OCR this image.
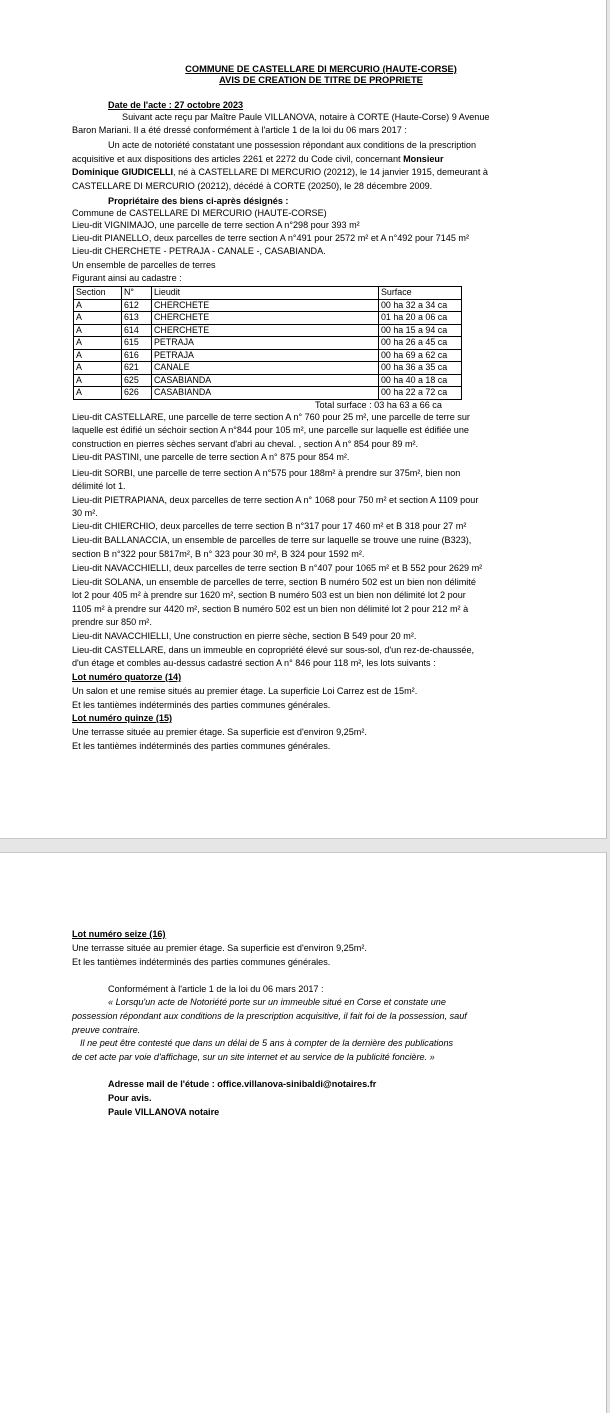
COMMUNE DE CASTELLARE DI MERCURIO (HAUTE-CORSE)
AVIS DE CREATION DE TITRE DE PROPRIETE
Date de l'acte : 27 octobre 2023
Suivant acte reçu par Maître Paule VILLANOVA, notaire à CORTE (Haute-Corse) 9 Avenue
Baron Mariani. Il a été dressé conformément à l'article 1 de la loi du 06 mars 2017 :
Un acte de notoriété constatant une possession répondant aux conditions de la prescription
acquisitive et aux dispositions des articles 2261 et 2272 du Code civil, concernant Monsieur
Dominique GIUDICELLI, né à CASTELLARE DI MERCURIO (20212), le 14 janvier 1915, demeurant à
CASTELLARE DI MERCURIO (20212), décédé à CORTE (20250), le 28 décembre 2009.
Propriétaire des biens ci-après désignés :
Commune de CASTELLARE DI MERCURIO (HAUTE-CORSE)
Lieu-dit VIGNIMAJO, une parcelle de terre section A n°298 pour 393 m²
Lieu-dit PIANELLO, deux parcelles de terre section A n°491 pour 2572 m² et A n°492 pour 7145 m²
Lieu-dit CHERCHETE - PETRAJA - CANALE -, CASABIANDA.
Un ensemble de parcelles de terres
Figurant ainsi au cadastre :
Section	N°	Lieudit	Surface
A	612	CHERCHETE	00 ha 32 a 34 ca
A	613	CHERCHETE	01 ha 20 a 06 ca
A	614	CHERCHETE	00 ha 15 a 94 ca
A	615	PETRAJA	00 ha 26 a 45 ca
A	616	PETRAJA	00 ha 69 a 62 ca
A	621	CANALE	00 ha 36 a 35 ca
A	625	CASABIANDA	00 ha 40 a 18 ca
A	626	CASABIANDA	00 ha 22 a 72 ca
Total surface : 03 ha 63 a 66 ca
Lieu-dit CASTELLARE, une parcelle de terre section A n° 760 pour 25 m², une parcelle de terre sur
laquelle est édifié un séchoir section A n°844 pour 105 m², une parcelle sur laquelle est édifiée une
construction en pierres sèches servant d'abri au cheval. , section A n° 854 pour 89 m².
Lieu-dit PASTINI, une parcelle de terre section A n° 875 pour 854 m².
Lieu-dit SORBI, une parcelle de terre section A n°575 pour 188m² à prendre sur 375m², bien non
délimité lot 1.
Lieu-dit PIETRAPIANA, deux parcelles de terre section A n° 1068 pour 750 m² et section A 1109 pour
30 m².
Lieu-dit CHIERCHIO, deux parcelles de terre section B n°317 pour 17 460 m² et B 318 pour 27 m²
Lieu-dit BALLANACCIA, un ensemble de parcelles de terre sur laquelle se trouve une ruine (B323),
section B n°322 pour 5817m², B n° 323 pour 30 m², B 324 pour 1592 m².
Lieu-dit NAVACCHIELLI, deux parcelles de terre section B n°407 pour 1065 m² et B 552 pour 2629 m²
Lieu-dit SOLANA, un ensemble de parcelles de terre, section B numéro 502 est un bien non délimité
lot 2 pour 405 m² à prendre sur 1620 m², section B numéro 503 est un bien non délimité lot 2 pour
1105 m² à prendre sur 4420 m², section B numéro 502 est un bien non délimité lot 2 pour 212 m² à
prendre sur 850 m².
Lieu-dit NAVACCHIELLI, Une construction en pierre sèche, section B 549 pour 20 m².
Lieu-dit CASTELLARE, dans un immeuble en copropriété élevé sur sous-sol, d'un rez-de-chaussée,
d'un étage et combles au-dessus cadastré section A n° 846 pour 118 m², les lots suivants :
Lot numéro quatorze (14)
Un salon et une remise situés au premier étage. La superficie Loi Carrez est de 15m².
Et les tantièmes indéterminés des parties communes générales.
Lot numéro quinze (15)
Une terrasse située au premier étage. Sa superficie est d'environ 9,25m².
Et les tantièmes indéterminés des parties communes générales.
Lot numéro seize (16)
Une terrasse située au premier étage. Sa superficie est d'environ 9,25m².
Et les tantièmes indéterminés des parties communes générales.
Conformément à l'article 1 de la loi du 06 mars 2017 :
« Lorsqu'un acte de Notoriété porte sur un immeuble situé en Corse et constate une
possession répondant aux conditions de la prescription acquisitive, il fait foi de la possession, sauf
preuve contraire.
Il ne peut être contesté que dans un délai de 5 ans à compter de la dernière des publications
de cet acte par voie d'affichage, sur un site internet et au service de la publicité foncière. »
Adresse mail de l'étude : office.villanova-sinibaldi@notaires.fr
Pour avis.
Paule VILLANOVA notaire
